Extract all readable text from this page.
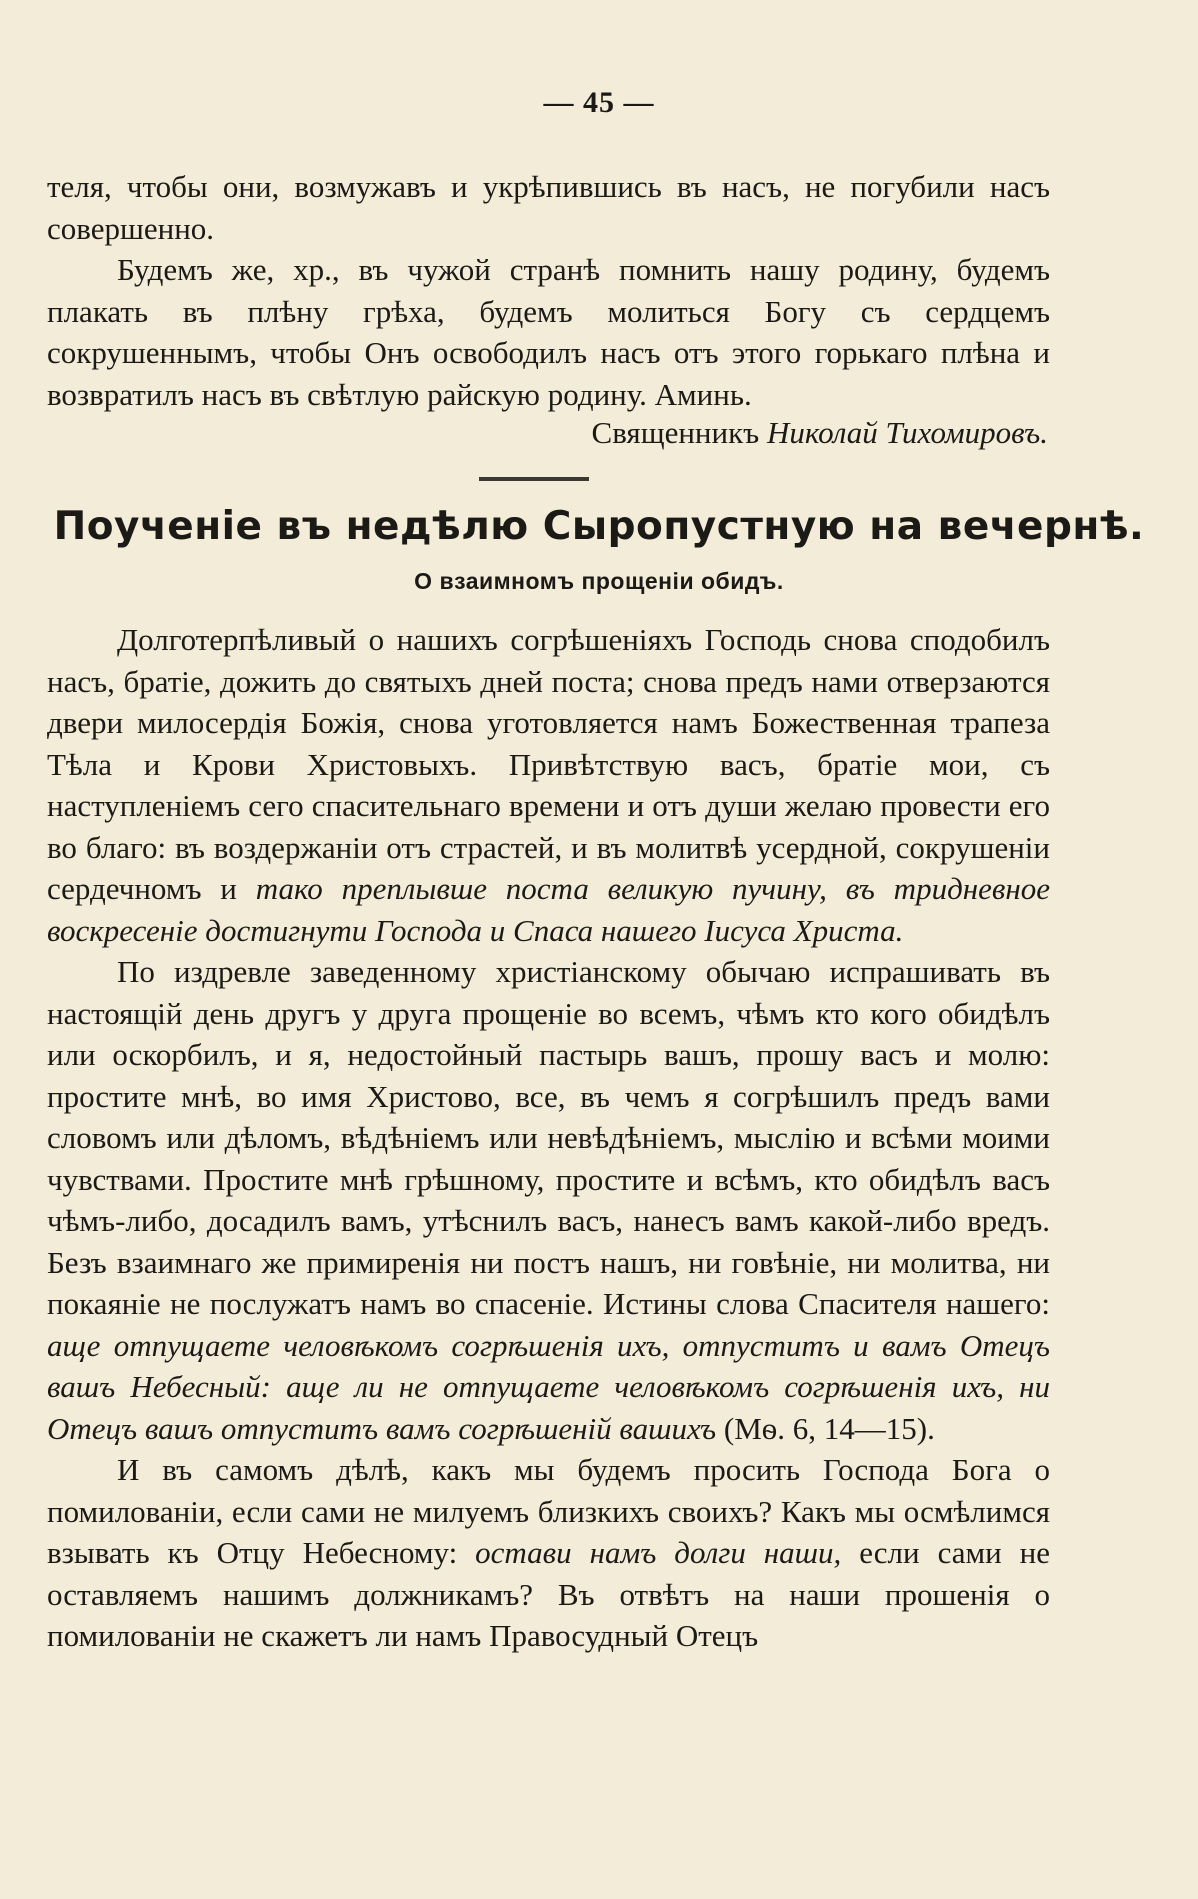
— 45 —

теля, чтобы они, возмужавъ и укрѣпившись въ насъ, не погубили насъ совершенно.

Будемъ же, хр., въ чужой странѣ помнить нашу родину, будемъ плакать въ плѣну грѣха, будемъ молиться Богу съ сердцемъ сокрушеннымъ, чтобы Онъ освободилъ насъ отъ этого горькаго плѣна и возвратилъ насъ въ свѣтлую райскую родину. Аминь.

Священникъ Николай Тихомировъ.
Поученіе въ недѣлю Сыропустную на вечернѣ.
О взаимномъ прощеніи обидъ.

Долготерпѣливый о нашихъ согрѣшеніяхъ Господь снова сподобилъ насъ, братіе, дожить до святыхъ дней поста; снова предъ нами отверзаются двери милосердія Божія, снова уготовляется намъ Божественная трапеза Тѣла и Крови Христовыхъ. Привѣтствую васъ, братіе мои, съ наступленіемъ сего спасительнаго времени и отъ души желаю провести его во благо: въ воздержаніи отъ страстей, и въ молитвѣ усердной, сокрушеніи сердечномъ и тако преплывше поста великую пучину, въ тридневное воскресеніе достигнути Господа и Спаса нашего Іисуса Христа.

По издревле заведенному христіанскому обычаю испрашивать въ настоящій день другъ у друга прощеніе во всемъ, чѣмъ кто кого обидѣлъ или оскорбилъ, и я, недостойный пастырь вашъ, прошу васъ и молю: простите мнѣ, во имя Христово, все, въ чемъ я согрѣшилъ предъ вами словомъ или дѣломъ, вѣдѣніемъ или невѣдѣніемъ, мыслію и всѣми моими чувствами. Простите мнѣ грѣшному, простите и всѣмъ, кто обидѣлъ васъ чѣмъ-либо, досадилъ вамъ, утѣснилъ васъ, нанесъ вамъ какой-либо вредъ. Безъ взаимнаго же примиренія ни постъ нашъ, ни говѣніе, ни молитва, ни покаяніе не послужатъ намъ во спасеніе. Истины слова Спасителя нашего: аще отпущаете человѣкомъ согрѣшенія ихъ, отпуститъ и вамъ Отецъ вашъ Небесный: аще ли не отпущаете человѣкомъ согрѣшенія ихъ, ни Отецъ вашъ отпуститъ вамъ согрѣшеній вашихъ (Мѳ. 6, 14—15).

И въ самомъ дѣлѣ, какъ мы будемъ просить Господа Бога о помилованіи, если сами не милуемъ близкихъ своихъ? Какъ мы осмѣлимся взывать къ Отцу Небесному: остави намъ долги наши, если сами не оставляемъ нашимъ должникамъ? Въ отвѣтъ на наши прошенія о помилованіи не скажетъ ли намъ Правосудный Отецъ
